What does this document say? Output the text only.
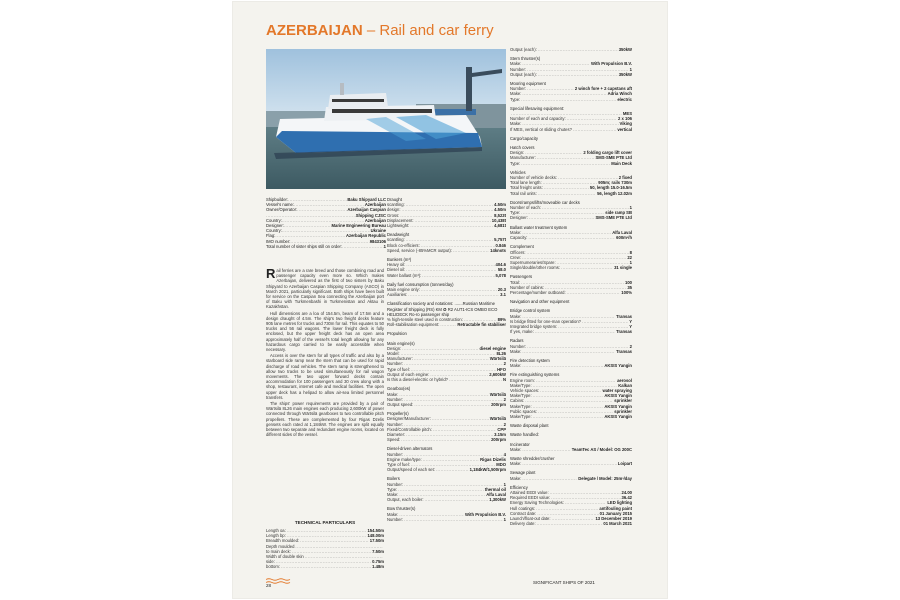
AZERBAIJAN – Rail and car ferry
Shipbuilder: .....	Baku Shipyard LLC
Vessel's name: .....	Azerbaijan
Owner/Operator: .....	Azerbaijan Caspian
.....
Shipping CJSC
Country: .....	Azerbaijan
Designer: .....	Marine Engineering Bureau
Country: .....	Ukraine
Flag: .....	Azerbaijan Republic
IMO number: .....	9843106
Total number of sister ships still on order: .....	1

Rail ferries are a rare breed and those combining road and passenger capacity even more so. Which makes Azerbaijan, delivered as the first of two sisters by Baku Shipyard to Azerbaijan Caspian Shipping Company (ASCO) in March 2021, particularly significant. Both ships have been built for service on the Caspian Sea connecting the Azerbaijan port of Baku with Turkmenbashi in Turkmenistan and Aktau in Kazakhstan.

Hull dimensions are a loa of 154.5m, beam of 17.5m and a design draught of 4.5m. The ship's two freight decks feature 905 lane metres for trucks and 730m for rail. This equates to 50 trucks and 56 rail wagons. The lower freight deck is fully enclosed, but the upper freight deck has an open area approximately half of the vessel's total length allowing for any hazardous cargo carried to be easily accessible when necessary.

Access is over the stern for all types of traffic and also by a starboard side ramp near the stern that can be used for rapid discharge of road vehicles. The stern ramp is strengthened to allow two tracks to be used simultaneously for rail wagon movements. The two upper forward decks contain accommodation for 100 passengers and 30 crew along with a shop, restaurant, internet cafe and medical facilities. The open upper deck has a helipad to allow air-sea limited personnel transfers.

The ships' power requirements are provided by a pair of Wärtsilä 8L26 main engines each producing 2,600kW of power connected through Wärtsilä gearboxes to two controllable pitch propellers. These are complemented by four Rigas Dzelis gensets each rated at 1,184kW. The engines are split equally between two separate and redundant engine rooms, located on different sides of the vessel.

TECHNICAL PARTICULARS
Length oa: .....	154.50m
Length bp: .....	148.00m
Breadth moulded: .....	17.50m
Depth moulded
.....
to main deck: .....	7.50m
Width of double skin
.....
side: .....	0.75m
bottom: .....	1.48m
Draught
scantling: .....	4.50m
design: .....	4.50m
Gross: .....	8,523t
Displacement: .....	10,438t
Lightweight: .....	4,681t
Deadweight
scantling: .....	5,757t
Block co-efficient: .....	0.846
Speed, service (-85%MCR output): .....	14knots
Bunkers (m³)
Heavy oil: .....	404.6
Diesel oil: .....	58.0
Water ballast (m³): .....	5,078
Daily fuel consumption (tonnes/day)
Main engine only: .....	20.3
Auxiliaries: .....	3.1
Classification society and notations: .......Russian Maritime Register of Shipping (RS) KM ✪ R2 AUT1-ICS OMBO ECO HELIDECK Ro-ro passenger ship
% high-tensile steel used in construction: .....	89%
Roll-stabilisation equipment: .....	Retractable fin stabiliser
Propulsion
Main engine(s)
Design: .....	diesel engine
Model: .....	8L26
Manufacturer: .....	Wärtsilä
Number: .....	2
Type of fuel: .....	HFO
Output of each engine: .....	2,600kW
Is this a diesel-electric or hybrid? .....	N
Gearbox(es)
Make: .....	Wärtsilä
Number: .....	2
Output speed: .....	200rpm
Propeller(s)
Designer/Manufacturer: .....	Wärtsilä
Number: .....	2
Fixed/Controllable pitch: .....	CPP
Diameter: .....	3.15m
Speed: .....	200rpm
Diesel-driven alternators
Number: .....	4
Engine make/type: .....	Rigas Dizelis
Type of fuel: .....	MDO
Output/speed of each set: .....	1,184kW/1,500rpm
Boilers
Number: .....	1
Type: .....	thermal oil
Make: .....	Alfa Laval
Output, each boiler: .....	1,300kW
Bow thruster(s)
Make: .....	With Propulsion B.V.
Number: .....	1
Output (each): .....	350kW
Stern thruster(s)
Make: .....	With Propulsion B.V.
Number: .....	1
Output (each): .....	350kW
Mooring equipment
Number: .....	2 winch fore + 2 capstans aft
Make: .....	Adria Winch
Type: .....	electric
Special lifesaving equipment:
.....
MES
Number of each and capacity: .....	2 x 106
Make: .....	Viking
If MES, vertical or sliding chutes? .....	vertical
Cargo/capacity
Hatch covers
Design: .....	2 folding cargo lift cover
Manufacturer: .....	SMS-SME PTE Ltd
Type: .....	Main Deck
Vehicles
Number of vehicle decks: .....	2 fixed
Total lane length: .....	905m; rails 730m
Total freight units: .....	50, length 15.0-16.5m
Total rail units: .....	56, length 12.02m
Doors/ramps/lifts/moveable car decks
Number of each: .....	1
Type: .....	side ramp SB
Designer: .....	SMS-SME PTE Ltd
Ballast water treatment system
Make: .....	Alfa Laval
Capacity: .....	600m³/h
Complement
Officers: .....	8
Crew: .....	22
Supernumeraries/Spare: .....	1
Single/double/other rooms: .....	31 single
Passengers
Total: .....	100
Number of cabins: .....	35
Percentage/number outboard: .....	100%
Navigation and other equipment
Bridge control system
Make: .....	Transas
Is bridge fitted for one-man operation? .....	Y
Integrated bridge system: .....	Y
If yes, make: .....	Transas
Radars
Number: .....	2
Make: .....	Transas
Fire detection system
Make: .....	AKSIS Yangin
Fire extinguishing systems
Engine room: .....	aerosol
Make/Type: .....	Kalkan
Vehicle spaces: .....	water spraying
Make/Type: .....	AKSIS Yangin
Cabins: .....	sprinkler
Make/Type: .....	AKSIS Yangin
Public spaces: .....	sprinkler
Make/Type: .....	AKSIS Yangin
Waste disposal plant
Waste handled:
Incinerator
Make: .....	TeamTec AS / Model: OG 200C
Waste shredder/crusher
Make: .....	Loipart
Sewage plant
Make: .....	Delegate / Model: 25m³/day
Efficiency
Attained EEDI value: .....	24.00
Required EEDI value: .....	36.42
Energy Saving Technologies: .....	LED lighting
Hull coatings: .....	antifouling paint
Contract date: .....	01 January 2015
Launch/float-out date: .....	13 December 2019
Delivery date: .....	01 March 2021
28
SIGNIFICANT SHIPS OF 2021
